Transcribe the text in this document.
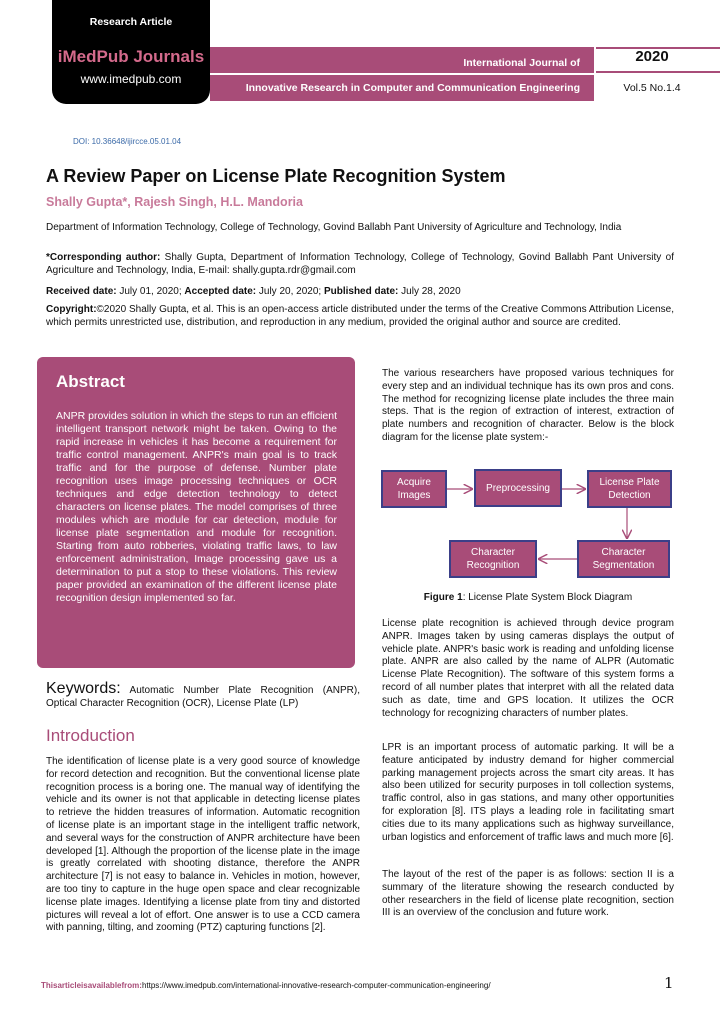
Research Article
iMedPub Journals
www.imedpub.com
International Journal of
Innovative Research in Computer and Communication Engineering
2020
Vol.5 No.1.4
DOI: 10.36648/ijircce.05.01.04
A Review Paper on License Plate Recognition System
Shally Gupta*, Rajesh Singh, H.L. Mandoria
Department of Information Technology, College of Technology, Govind Ballabh Pant University of Agriculture and Technology, India
*Corresponding author: Shally Gupta, Department of Information Technology, College of Technology, Govind Ballabh Pant University of Agriculture and Technology, India, E-mail: shally.gupta.rdr@gmail.com
Received date: July 01, 2020; Accepted date: July 20, 2020; Published date: July 28, 2020
Copyright:©2020 Shally Gupta, et al. This is an open-access article distributed under the terms of the Creative Commons Attribution License, which permits unrestricted use, distribution, and reproduction in any medium, provided the original author and source are credited.
Abstract
ANPR provides solution in which the steps to run an efficient intelligent transport network might be taken. Owing to the rapid increase in vehicles it has become a requirement for traffic control management. ANPR's main goal is to track traffic and for the purpose of defense. Number plate recognition uses image processing techniques or OCR techniques and edge detection technology to detect characters on license plates. The model comprises of three modules which are module for car detection, module for license plate segmentation and module for recognition. Starting from auto robberies, violating traffic laws, to law enforcement administration, Image processing gave us a determination to put a stop to these violations. This review paper provided an examination of the different license plate recognition design implemented so far.
Keywords: Automatic Number Plate Recognition (ANPR), Optical Character Recognition (OCR), License Plate (LP)
Introduction
The identification of license plate is a very good source of knowledge for record detection and recognition. But the conventional license plate recognition process is a boring one. The manual way of identifying the vehicle and its owner is not that applicable in detecting license plates to retrieve the hidden treasures of information. Automatic recognition of license plate is an important stage in the intelligent traffic network, and several ways for the construction of ANPR architecture have been developed [1]. Although the proportion of the license plate in the image is greatly correlated with shooting distance, therefore the ANPR architecture [7] is not easy to balance in. Vehicles in motion, however, are too tiny to capture in the huge open space and clear recognizable license plate images. Identifying a license plate from tiny and distorted pictures will reveal a lot of effort. One answer is to use a CCD camera with panning, tilting, and zooming (PTZ) capturing functions [2].
The various researchers have proposed various techniques for every step and an individual technique has its own pros and cons. The method for recognizing license plate includes the three main steps. That is the region of extraction of interest, extraction of plate numbers and recognition of character. Below is the block diagram for the license plate system:-
Acquire
Images
Preprocessing	License Plate
Detection
Character
Recognition
Character
Segmentation
Figure 1: License Plate System Block Diagram
License plate recognition is achieved through device program ANPR. Images taken by using cameras displays the output of vehicle plate. ANPR's basic work is reading and unfolding license plate. ANPR are also called by the name of ALPR (Automatic License Plate Recognition). The software of this system forms a record of all number plates that interpret with all the related data such as date, time and GPS location. It utilizes the OCR technology for recognizing characters of number plates.
LPR is an important process of automatic parking. It will be a feature anticipated by industry demand for higher commercial parking management projects across the smart city areas. It has also been utilized for security purposes in toll collection systems, traffic control, also in gas stations, and many other opportunities for exploration [8]. ITS plays a leading role in facilitating smart cities due to its many applications such as highway surveillance, urban logistics and enforcement of traffic laws and much more [6].
The layout of the rest of the paper is as follows: section II is a summary of the literature showing the research conducted by other researchers in the field of license plate recognition, section III is an overview of the conclusion and future work.
Thisarticleisavailablefrom:https://www.imedpub.com/international-innovative-research-computer-communication-engineering/	1
